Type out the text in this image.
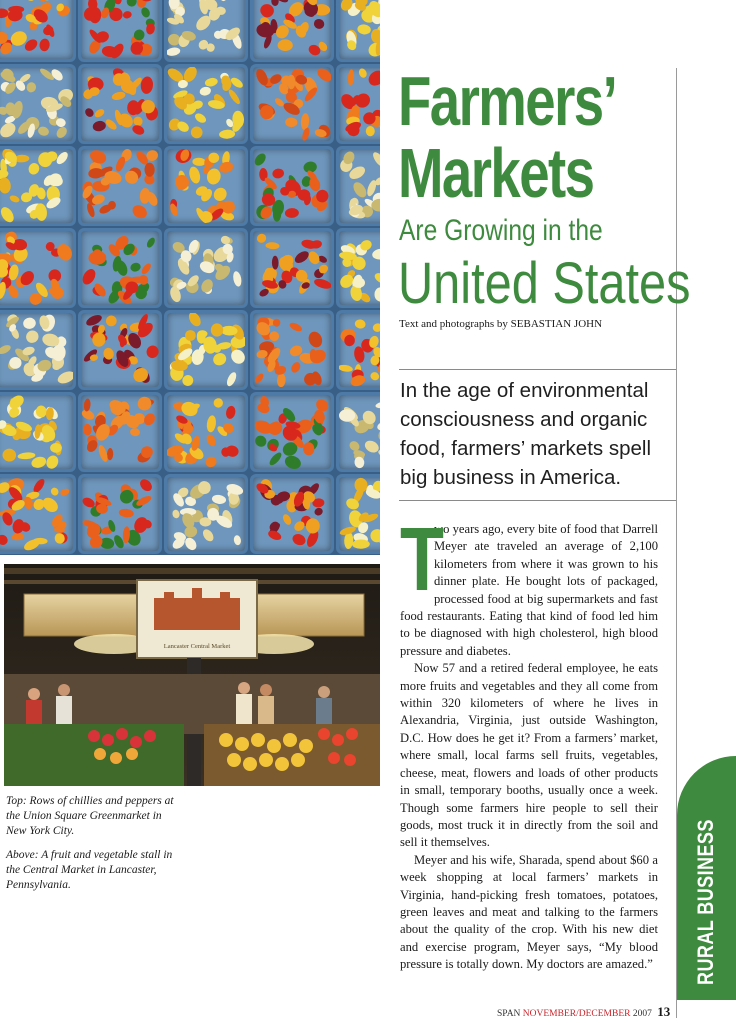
Lancaster Central Market

Top: Rows of chillies and peppers at the Union Square Greenmarket in New York City.

Above: A fruit and vegetable stall in the Central Market in Lancaster, Pennsylvania.

Farmers’
Markets
Are Growing in the
United States
Text and photographs by SEBASTIAN JOHN
In the age of environmental consciousness and organic food, farmers’ markets spell big business in America.

T
wo years ago, every bite of food that Darrell Meyer ate traveled an average of 2,100 kilometers from where it was grown to his dinner plate. He bought lots of packaged, processed food at big supermarkets and fast food restaurants. Eating that kind of food led him to be diagnosed with high cholesterol, high blood pressure and diabetes.

Now 57 and a retired federal employee, he eats more fruits and vegetables and they all come from within 320 kilometers of where he lives in Alexandria, Virginia, just outside Washington, D.C. How does he get it? From a farmers’ market, where small, local farms sell fruits, vegetables, cheese, meat, flowers and loads of other products in small, temporary booths, usually once a week. Though some farmers hire people to sell their goods, most truck it in directly from the soil and sell it themselves.

Meyer and his wife, Sharada, spend about $60 a week shopping at local farmers’ markets in Virginia, hand-picking fresh tomatoes, potatoes, green leaves and meat and talking to the farmers about the quality of the crop. With his new diet and exercise program, Meyer says, “My blood pressure is totally down. My doctors are amazed.”	RURAL BUSINESS
SPAN NOVEMBER/DECEMBER 2007 13
